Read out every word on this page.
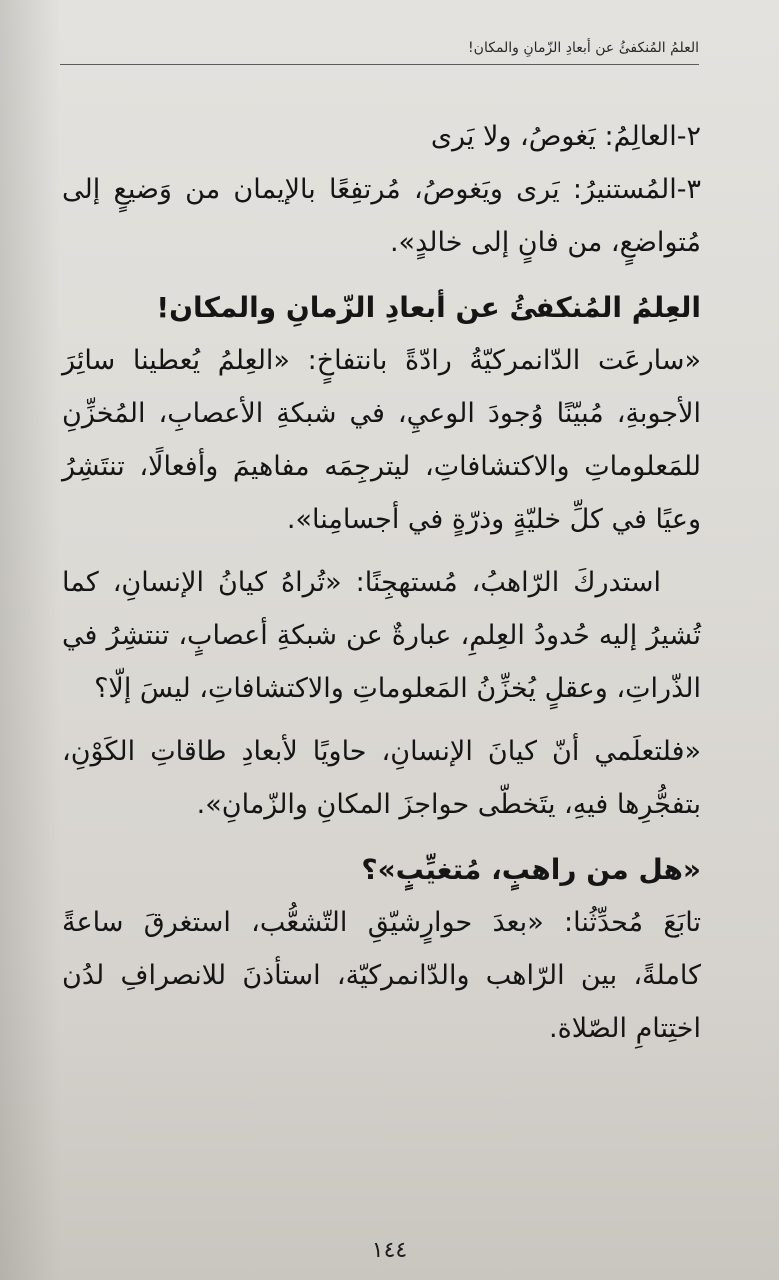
العلمُ المُنكفئُ عن أبعادِ الزّمانِ والمكان!

٢-العالِمُ: يَغوصُ، ولا يَرى

٣-المُستنيرُ: يَرى ويَغوصُ، مُرتفِعًا بالإيمان من وَضيعٍ إلى مُتواضعٍ، من فانٍ إلى خالدٍ».

العِلمُ المُنكفئُ عن أبعادِ الزّمانِ والمكان!

«سارعَت الدّانمركيّةُ رادّةً بانتفاخٍ: «العِلمُ يُعطينا سائِرَ الأجوبةِ، مُبيّنًا وُجودَ الوعيِ، في شبكةِ الأعصابِ، المُخزِّنِ للمَعلوماتِ والاكتشافاتِ، ليترجِمَه مفاهيمَ وأفعالًا، تنتَشِرُ وعيًا في كلِّ خليّةٍ وذرّةٍ في أجسامِنا».

استدركَ الرّاهبُ، مُستهجِنًا: «تُراهُ كيانُ الإنسانِ، كما تُشيرُ إليه حُدودُ العِلمِ، عبارةٌ عن شبكةِ أعصابٍ، تنتشِرُ في الذّراتِ، وعقلٍ يُخزِّنُ المَعلوماتِ والاكتشافاتِ، ليسَ إلّا؟

«فلتعلَمي أنّ كيانَ الإنسانِ، حاويًا لأبعادِ طاقاتِ الكَوْنِ، بتفجُّرِها فيهِ، يتَخطّى حواجزَ المكانِ والزّمانِ».

«هل من راهبٍ، مُتغيِّبٍ»؟

تابَعَ مُحدِّثُنا: «بعدَ حوارٍشيّقِ التّشعُّب، استغرقَ ساعةً كاملةً، بين الرّاهب والدّانمركيّة، استأذنَ للانصرافِ لدُن اختِتامِ الصّلاة.

١٤٤
